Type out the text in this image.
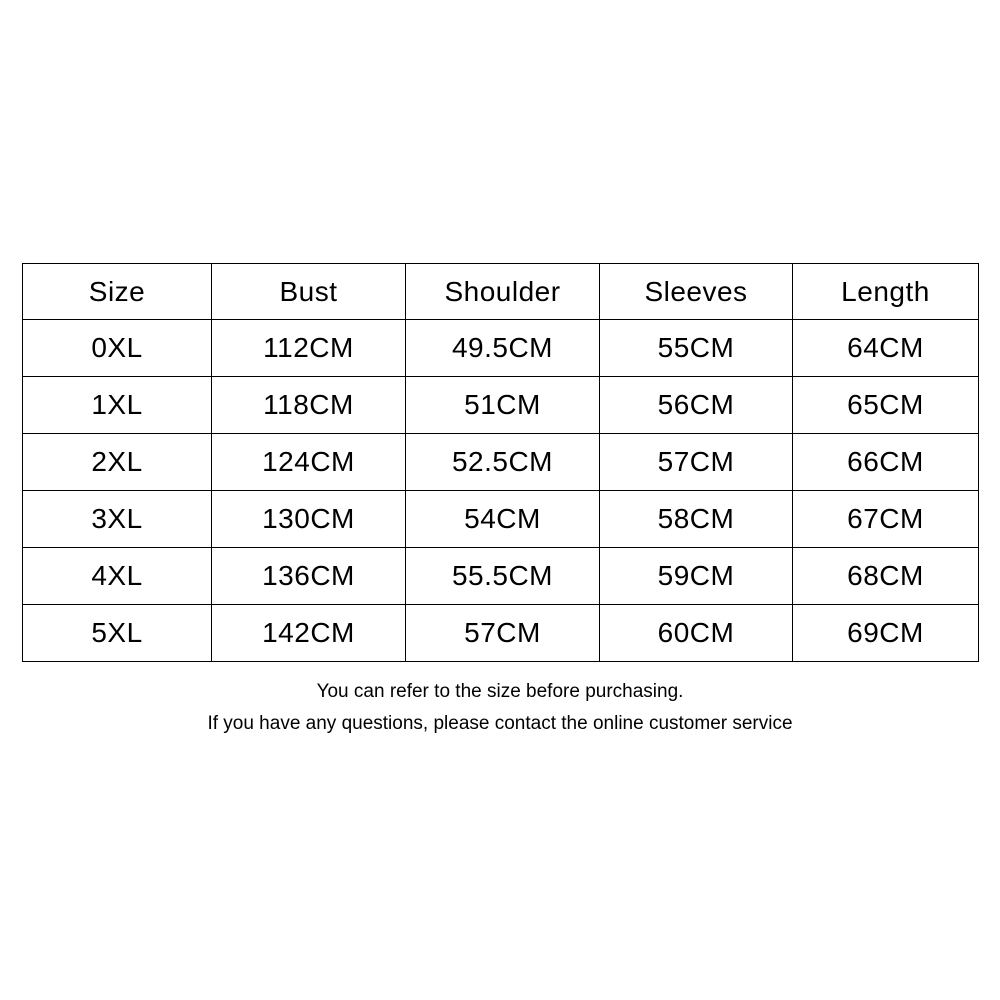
Size	Bust	Shoulder	Sleeves	Length
0XL	112CM	49.5CM	55CM	64CM
1XL	118CM	51CM	56CM	65CM
2XL	124CM	52.5CM	57CM	66CM
3XL	130CM	54CM	58CM	67CM
4XL	136CM	55.5CM	59CM	68CM
5XL	142CM	57CM	60CM	69CM
You can refer to the size before purchasing.
If you have any questions, please contact the online customer service
